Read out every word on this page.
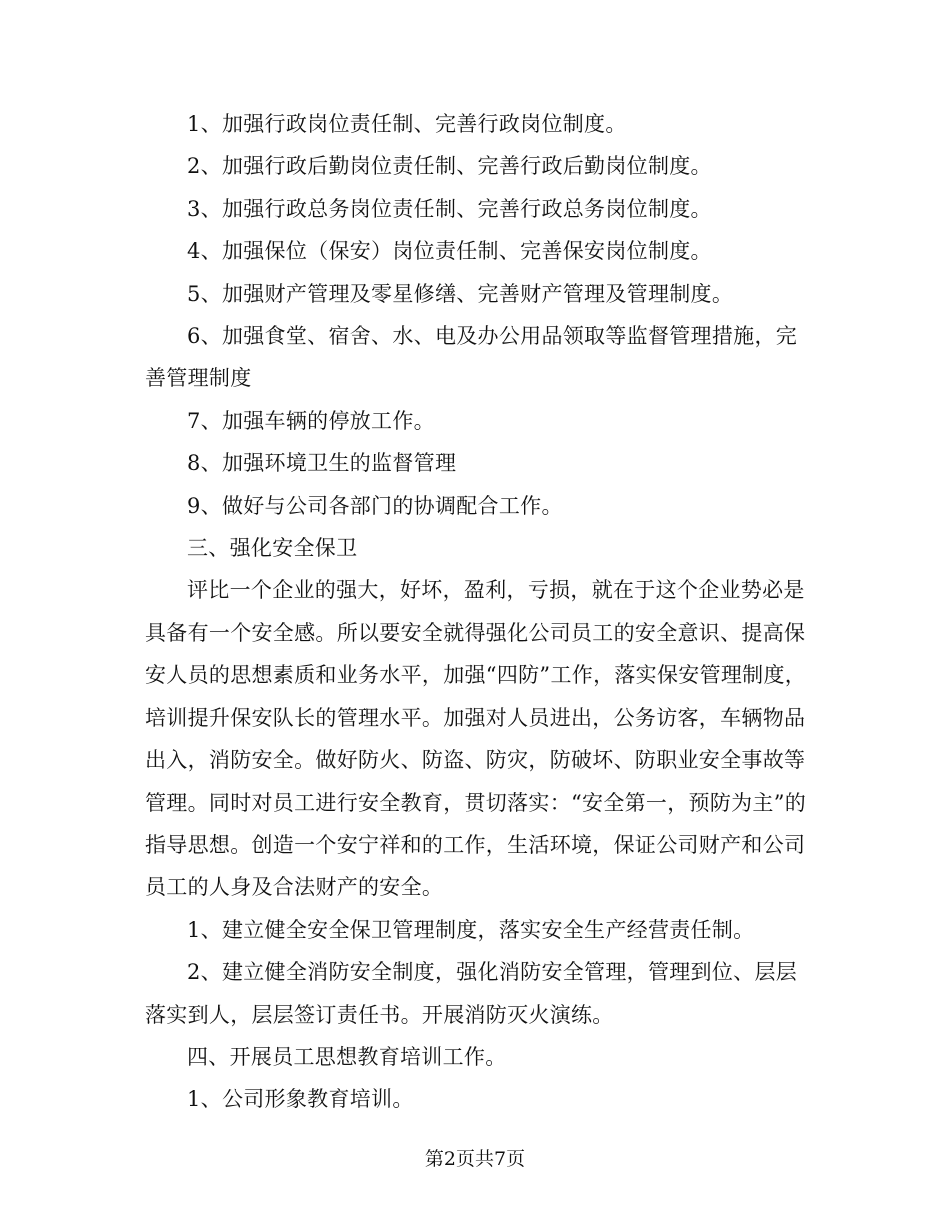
1、加强行政岗位责任制、完善行政岗位制度。

2、加强行政后勤岗位责任制、完善行政后勤岗位制度。

3、加强行政总务岗位责任制、完善行政总务岗位制度。

4、加强保位（保安）岗位责任制、完善保安岗位制度。

5、加强财产管理及零星修缮、完善财产管理及管理制度。

6、加强食堂、宿舍、水、电及办公用品领取等监督管理措施，完善管理制度

7、加强车辆的停放工作。

8、加强环境卫生的监督管理

9、做好与公司各部门的协调配合工作。

三、强化安全保卫

评比一个企业的强大，好坏，盈利，亏损，就在于这个企业势必是具备有一个安全感。所以要安全就得强化公司员工的安全意识、提高保安人员的思想素质和业务水平，加强“四防”工作，落实保安管理制度，培训提升保安队长的管理水平。加强对人员进出，公务访客，车辆物品出入，消防安全。做好防火、防盗、防灾，防破坏、防职业安全事故等管理。同时对员工进行安全教育，贯切落实：“安全第一，预防为主”的指导思想。创造一个安宁祥和的工作，生活环境，保证公司财产和公司员工的人身及合法财产的安全。

1、建立健全安全保卫管理制度，落实安全生产经营责任制。

2、建立健全消防安全制度，强化消防安全管理，管理到位、层层落实到人，层层签订责任书。开展消防灭火演练。

四、开展员工思想教育培训工作。

1、公司形象教育培训。

第2页共7页
